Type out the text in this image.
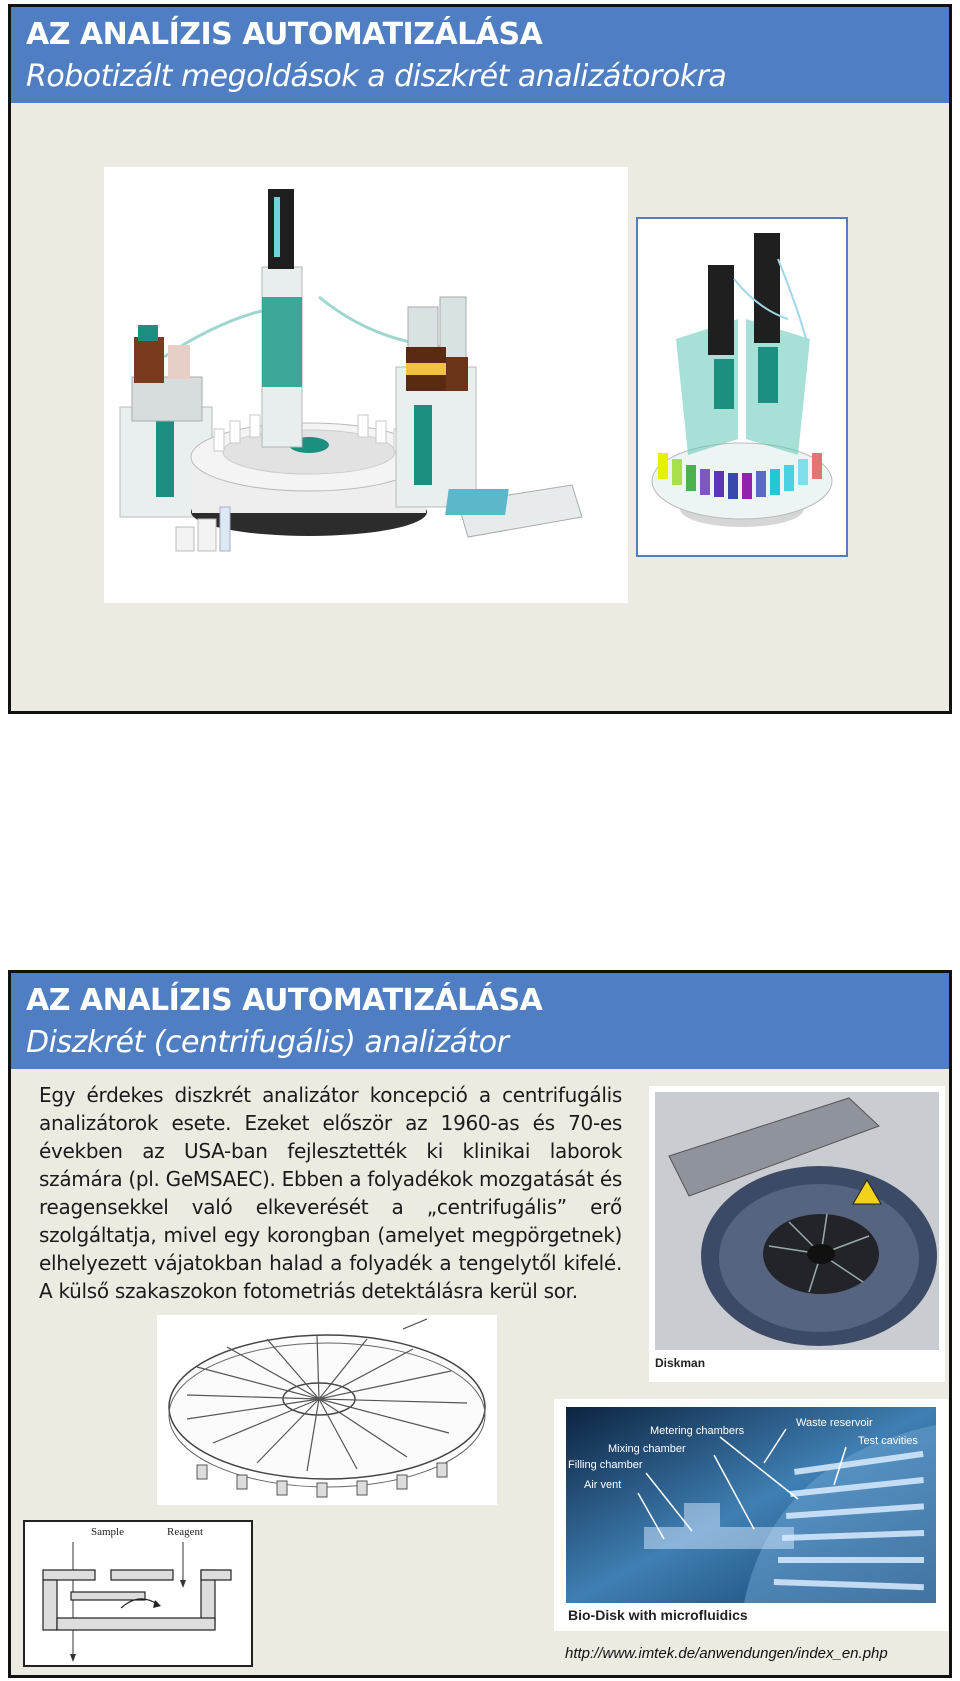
AZ ANALÍZIS AUTOMATIZÁLÁSA
Robotizált megoldások a diszkrét analizátorokra
AZ ANALÍZIS AUTOMATIZÁLÁSA
Diszkrét (centrifugális) analizátor
Egy érdekes diszkrét analizátor koncepció a centrifugális analizátorok esete. Ezeket először az 1960-as és 70-es években az USA-ban fejlesztették ki klinikai laborok számára (pl. GeMSAEC). Ebben a folyadékok mozgatását és reagensekkel való elkeverését a „centrifugális” erő szolgáltatja, mivel egy korongban (amelyet megpörgetnek) elhelyezett vájatokban halad a folyadék a tengelytől kifelé. A külső szakaszokon fotometriás detektálásra kerül sor.
Diskman
Sample	Reagent
Metering chambers
Mixing chamber
Filling chamber
Air vent
Waste reservoir
Test cavities
Bio-Disk with microfluidics
http://www.imtek.de/anwendungen/index_en.php
